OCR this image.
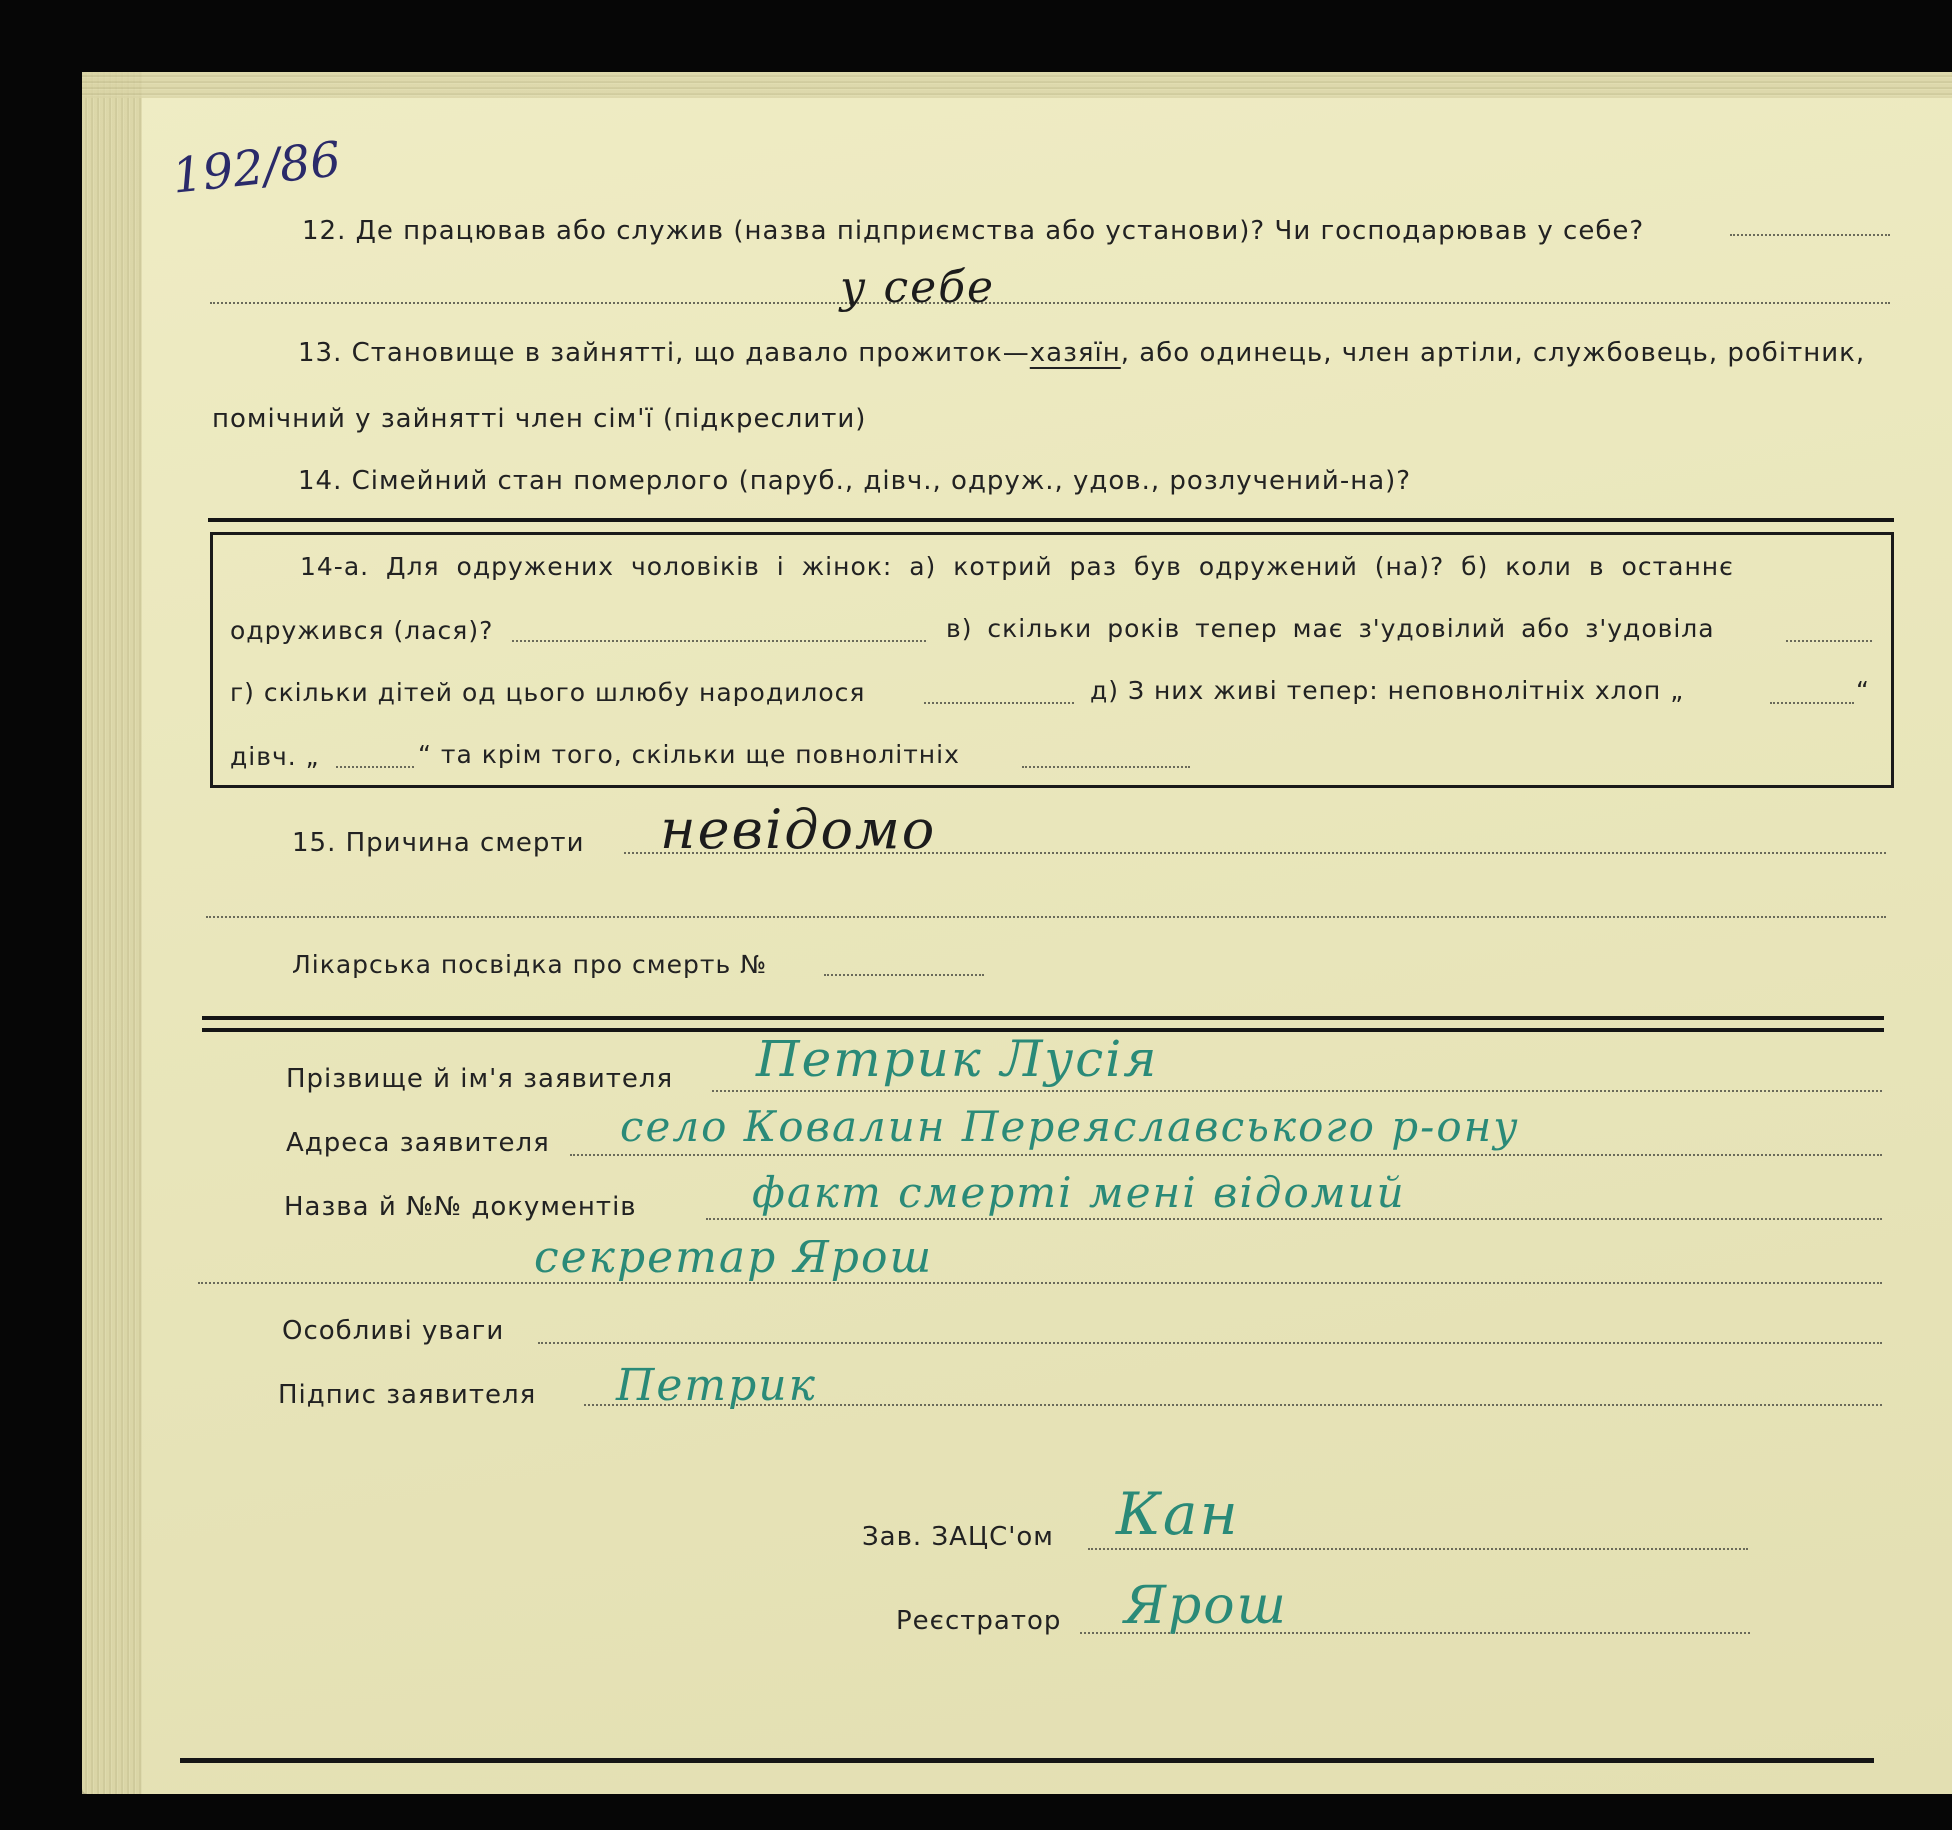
192/86
12. Де працював або служив (назва підприємства або установи)? Чи господарював у себе?
у себе
13. Становище в зайнятті, що давало прожиток—хазяїн, або одинець, член артіли, службовець, робітник,
помічний у зайнятті член сім'ї (підкреслити)
14. Сімейний стан померлого (паруб., дівч., одруж., удов., розлучений-на)?
14-а. Для одружених чоловіків і жінок: а) котрий раз був одружений (на)? б) коли в останнє
одружився (лася)?	в) скільки років тепер має з'удовілий або з'удовіла
г) скільки дітей од цього шлюбу народилося	д) З них живі тепер: неповнолітніх хлоп „	“
дівч. „	“ та крім того, скільки ще повнолітніх
15. Причина смерти невідомо
Лікарська посвідка про смерть №
Прізвище й ім'я заявителя Петрик Лусія
Адреса заявителя село Ковалин Переяславського р-ону
Назва й №№ документів	факт смерті мені відомий
секретар Ярош
Особливі уваги
Підпис заявителя Петрик
Зав. ЗАЦС'ом Кан
Реєстратор Ярош
